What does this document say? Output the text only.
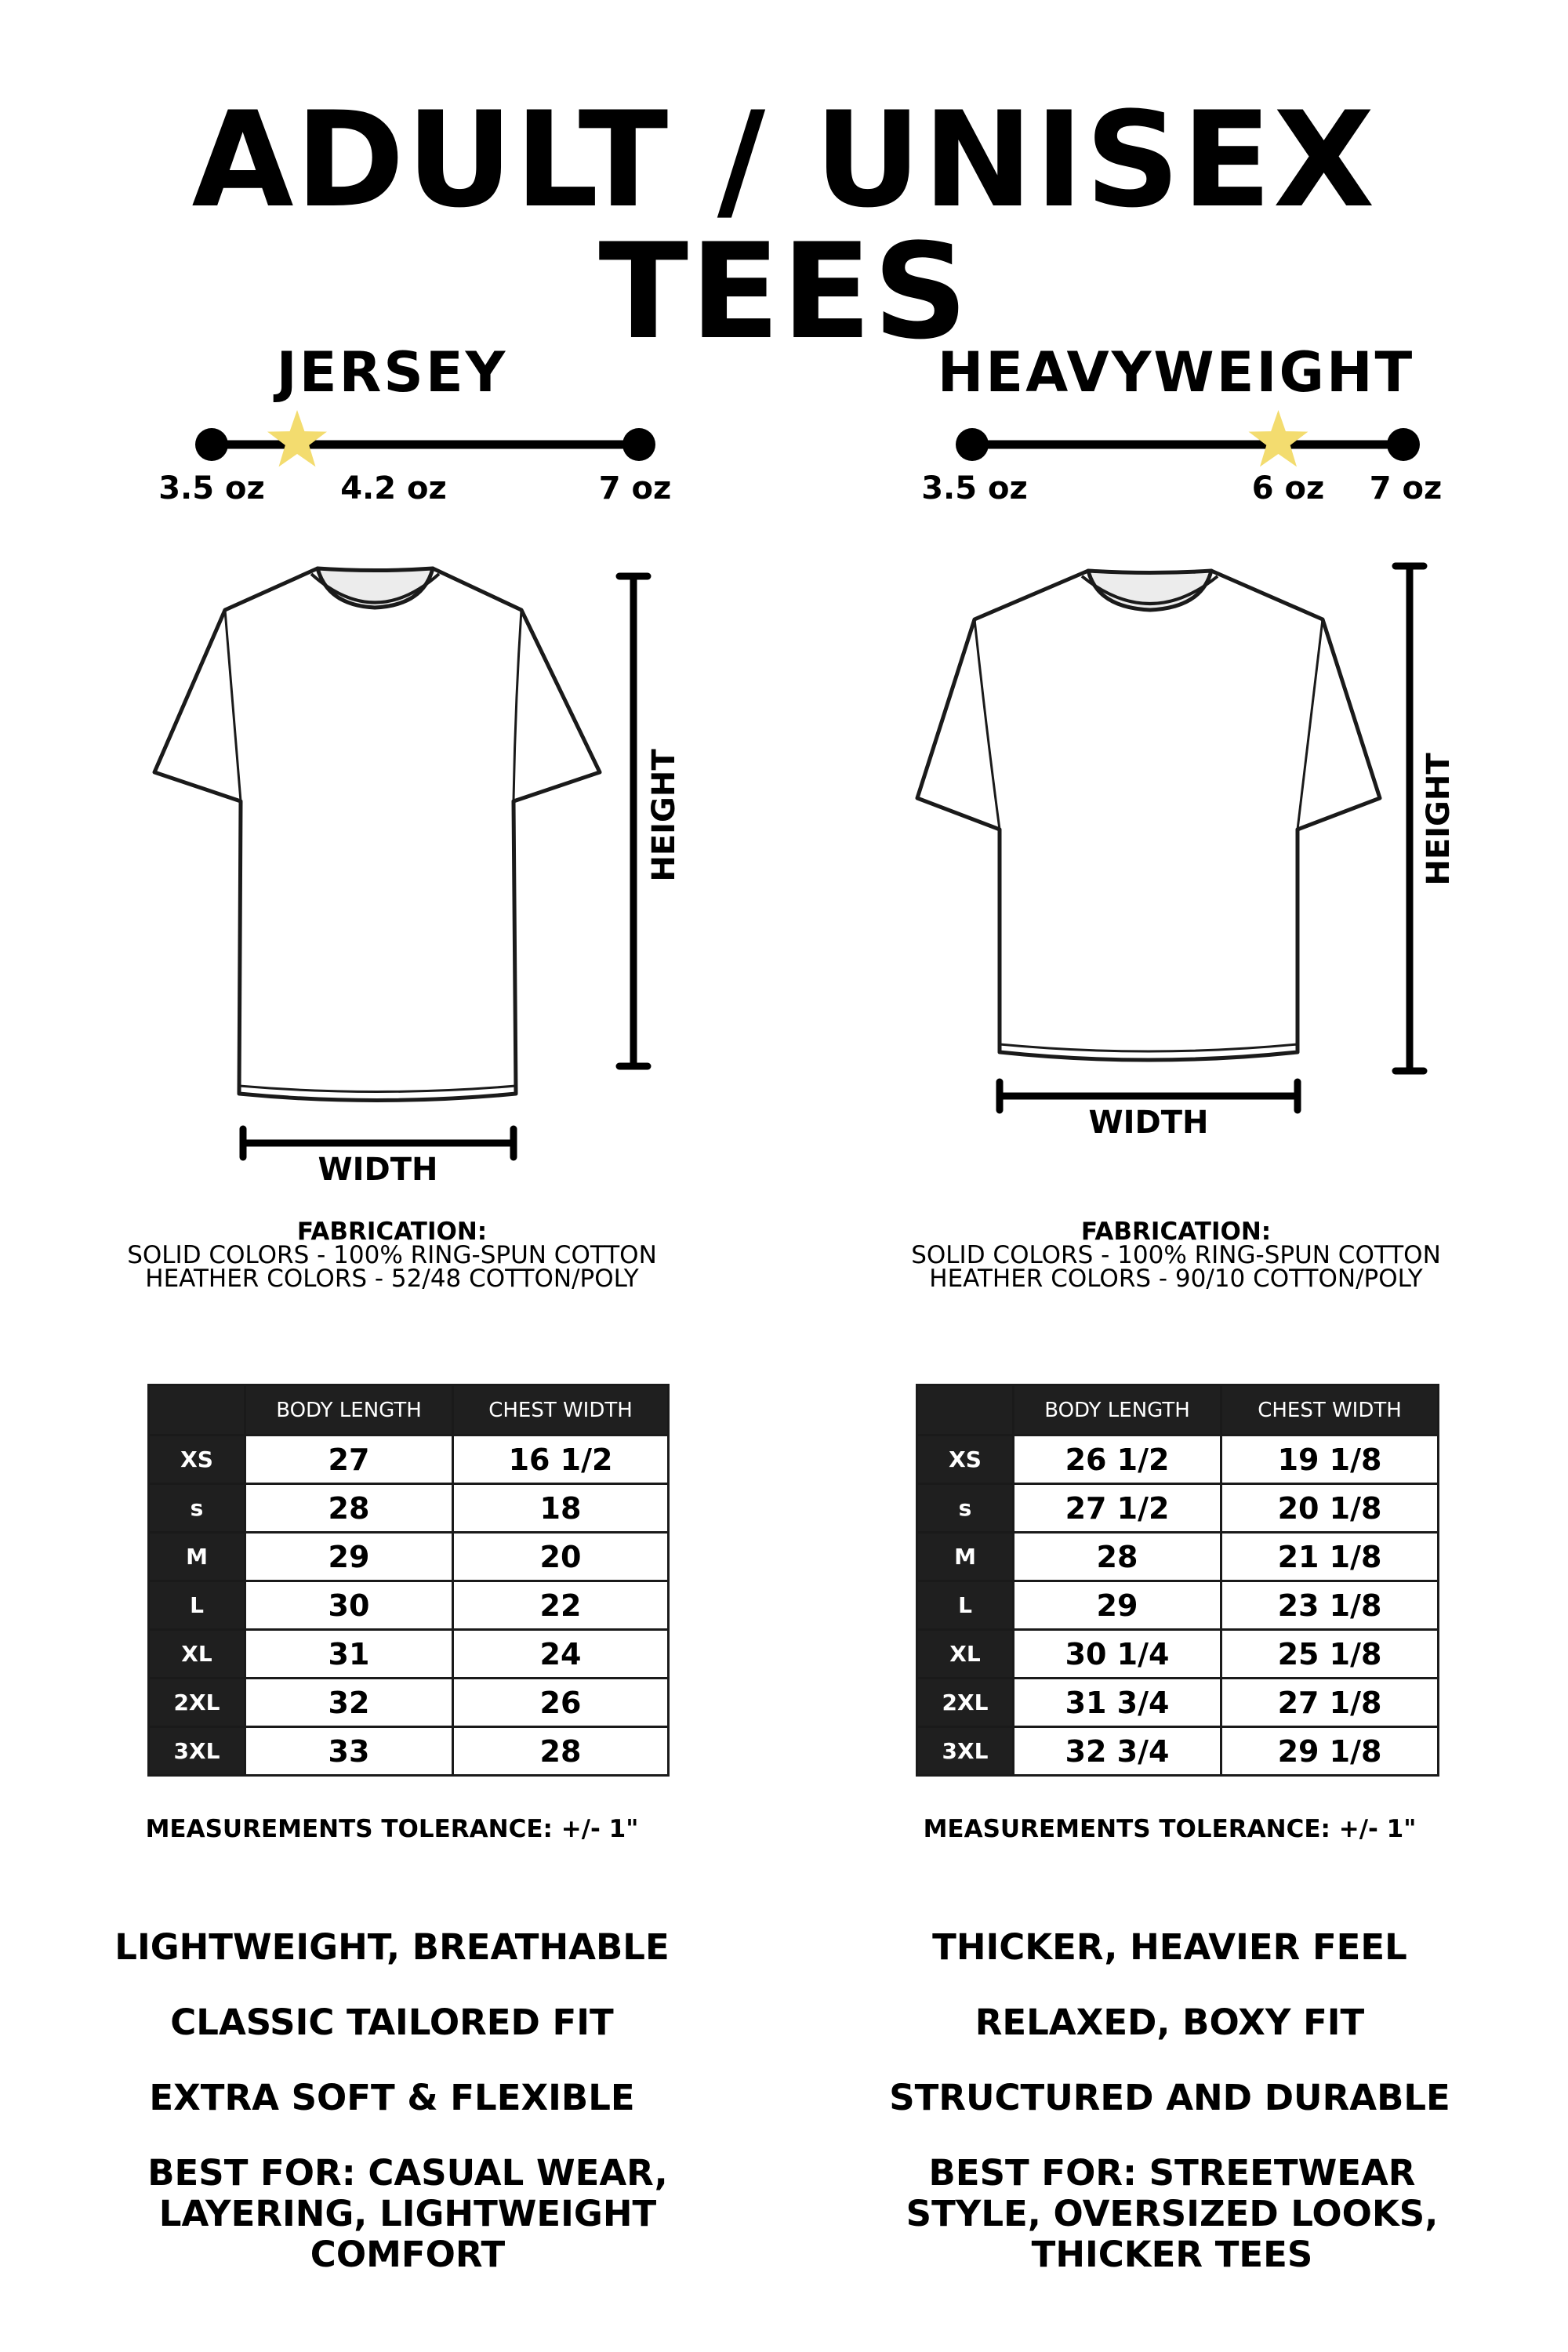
ADULT / UNISEX TEES
JERSEY
HEIGHT
WIDTH
3.5 oz 4.2 oz	7 oz
FABRICATION:
SOLID COLORS - 100% RING-SPUN COTTON
HEATHER COLORS - 52/48 COTTON/POLY
	BODY LENGTH	CHEST WIDTH
XS	27	16 1/2
s	28	18
M	29	20
L	30	22
XL	31	24
2XL	32	26
3XL	33	28
MEASUREMENTS TOLERANCE: +/- 1"
LIGHTWEIGHT, BREATHABLE
CLASSIC TAILORED FIT
EXTRA SOFT & FLEXIBLE
BEST FOR: CASUAL WEAR, LAYERING, LIGHTWEIGHT COMFORT
HEAVYWEIGHT
HEIGHT
WIDTH
3.5 oz	6 oz 7 oz
FABRICATION:
SOLID COLORS - 100% RING-SPUN COTTON
HEATHER COLORS - 90/10 COTTON/POLY
	BODY LENGTH	CHEST WIDTH
XS	26 1/2	19 1/8
s	27 1/2	20 1/8
M	28	21 1/8
L	29	23 1/8
XL	30 1/4	25 1/8
2XL	31 3/4	27 1/8
3XL	32 3/4	29 1/8
MEASUREMENTS TOLERANCE: +/- 1"
THICKER, HEAVIER FEEL
RELAXED, BOXY FIT
STRUCTURED AND DURABLE
BEST FOR: STREETWEAR STYLE, OVERSIZED LOOKS, THICKER TEES
